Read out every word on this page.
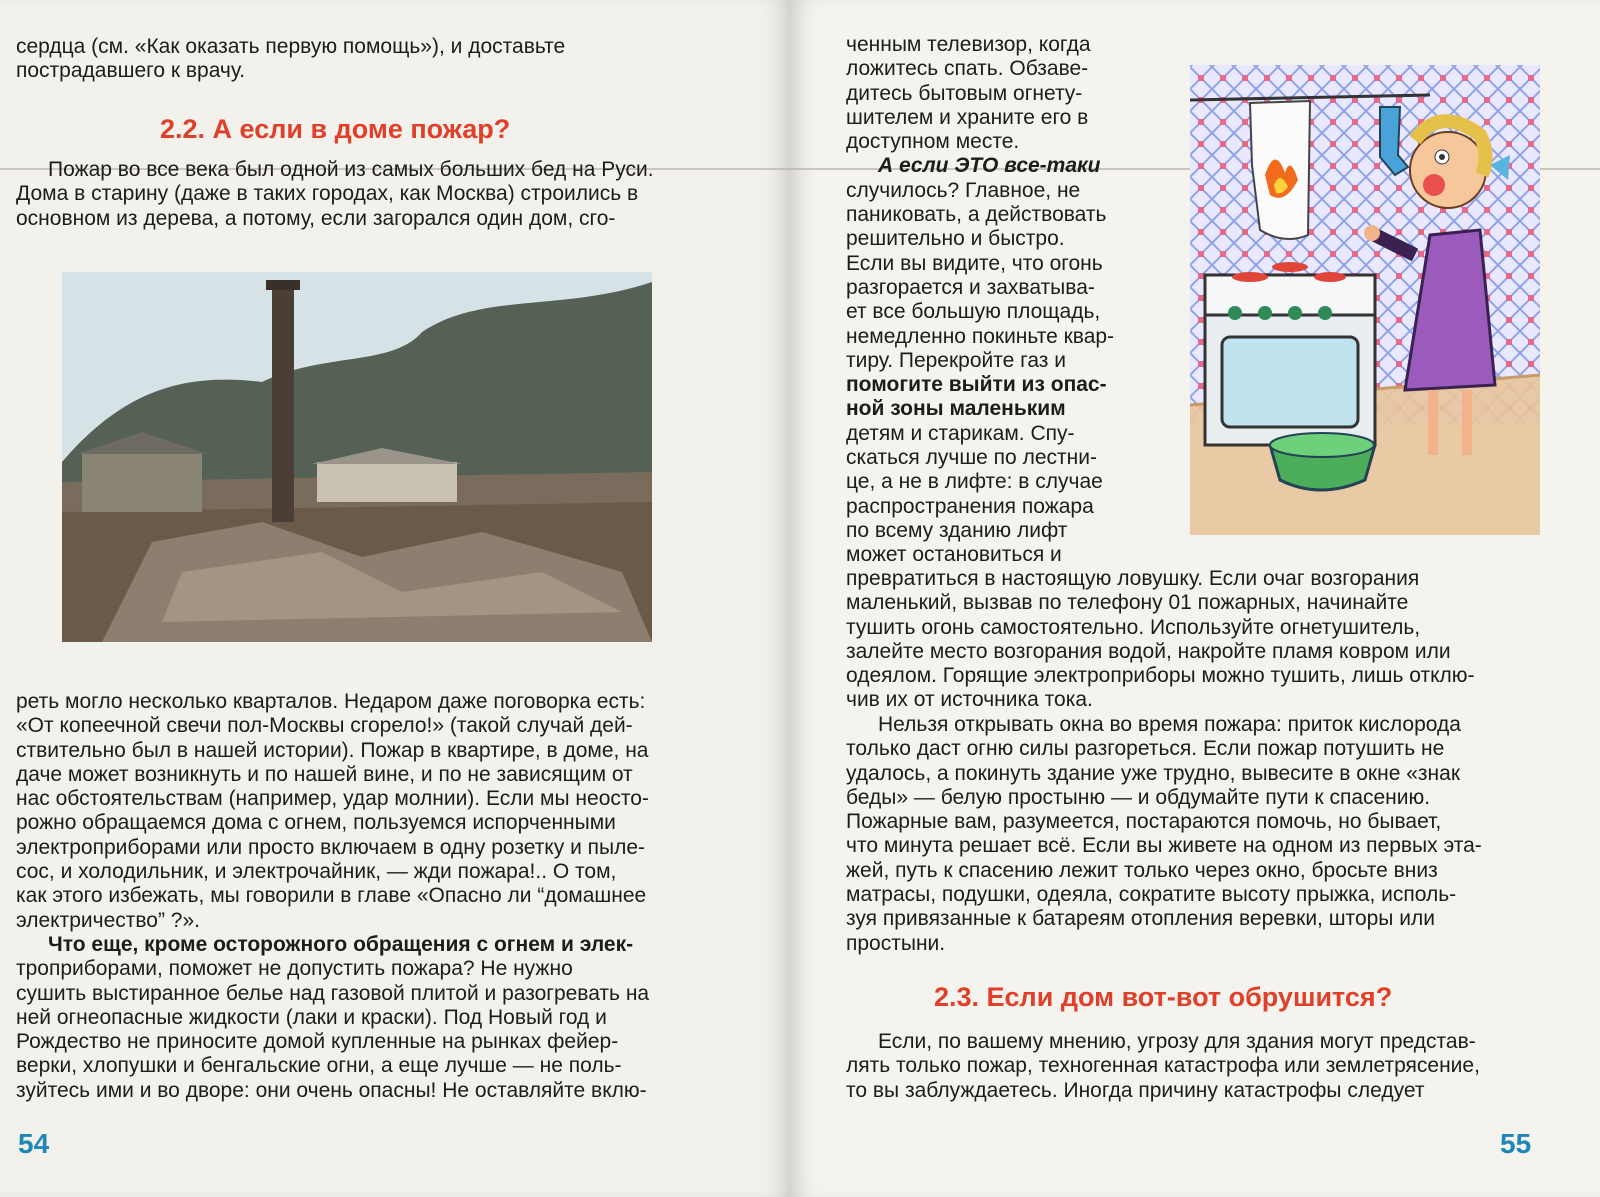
сердца (см. «Как оказать первую помощь»), и доставьте

пострадавшего к врачу.

2.2. А если в доме пожар?

Пожар во все века был одной из самых больших бед на Руси.

Дома в старину (даже в таких городах, как Москва) строились в

основном из дерева, а потому, если загорался один дом, сго-

реть могло несколько кварталов. Недаром даже поговорка есть:

«От копеечной свечи пол-Москвы сгорело!» (такой случай дей-

ствительно был в нашей истории). Пожар в квартире, в доме, на

даче может возникнуть и по нашей вине, и по не зависящим от

нас обстоятельствам (например, удар молнии). Если мы неосто-

рожно обращаемся дома с огнем, пользуемся испорченными

электроприборами или просто включаем в одну розетку и пыле-

сос, и холодильник, и электрочайник, — жди пожара!.. О том,

как этого избежать, мы говорили в главе «Опасно ли “домашнее

электричество” ?».

Что еще, кроме осторожного обращения с огнем и элек-

троприборами, поможет не допустить пожара? Не нужно

сушить выстиранное белье над газовой плитой и разогревать на

ней огнеопасные жидкости (лаки и краски). Под Новый год и

Рождество не приносите домой купленные на рынках фейер-

верки, хлопушки и бенгальские огни, а еще лучше — не поль-

зуйтесь ими и во дворе: они очень опасны! Не оставляйте вклю-

54

ченным телевизор, когда

ложитесь спать. Обзаве-

дитесь бытовым огнету-

шителем и храните его в

доступном месте.

А если ЭТО все-таки

случилось? Главное, не

паниковать, а действовать

решительно и быстро.

Если вы видите, что огонь

разгорается и захватыва-

ет все большую площадь,

немедленно покиньте квар-

тиру. Перекройте газ и

помогите выйти из опас-

ной зоны маленьким

детям и старикам. Спу-

скаться лучше по лестни-

це, а не в лифте: в случае

распространения пожара

по всему зданию лифт

может остановиться и

превратиться в настоящую ловушку. Если очаг возгорания

маленький, вызвав по телефону 01 пожарных, начинайте

тушить огонь самостоятельно. Используйте огнетушитель,

залейте место возгорания водой, накройте пламя ковром или

одеялом. Горящие электроприборы можно тушить, лишь отклю-

чив их от источника тока.

Нельзя открывать окна во время пожара: приток кислорода

только даст огню силы разгореться. Если пожар потушить не

удалось, а покинуть здание уже трудно, вывесите в окне «знак

беды» — белую простыню — и обдумайте пути к спасению.

Пожарные вам, разумеется, постараются помочь, но бывает,

что минута решает всё. Если вы живете на одном из первых эта-

жей, путь к спасению лежит только через окно, бросьте вниз

матрасы, подушки, одеяла, сократите высоту прыжка, исполь-

зуя привязанные к батареям отопления веревки, шторы или

простыни.

2.3. Если дом вот-вот обрушится?

Если, по вашему мнению, угрозу для здания могут представ-

лять только пожар, техногенная катастрофа или землетрясение,

то вы заблуждаетесь. Иногда причину катастрофы следует

55
